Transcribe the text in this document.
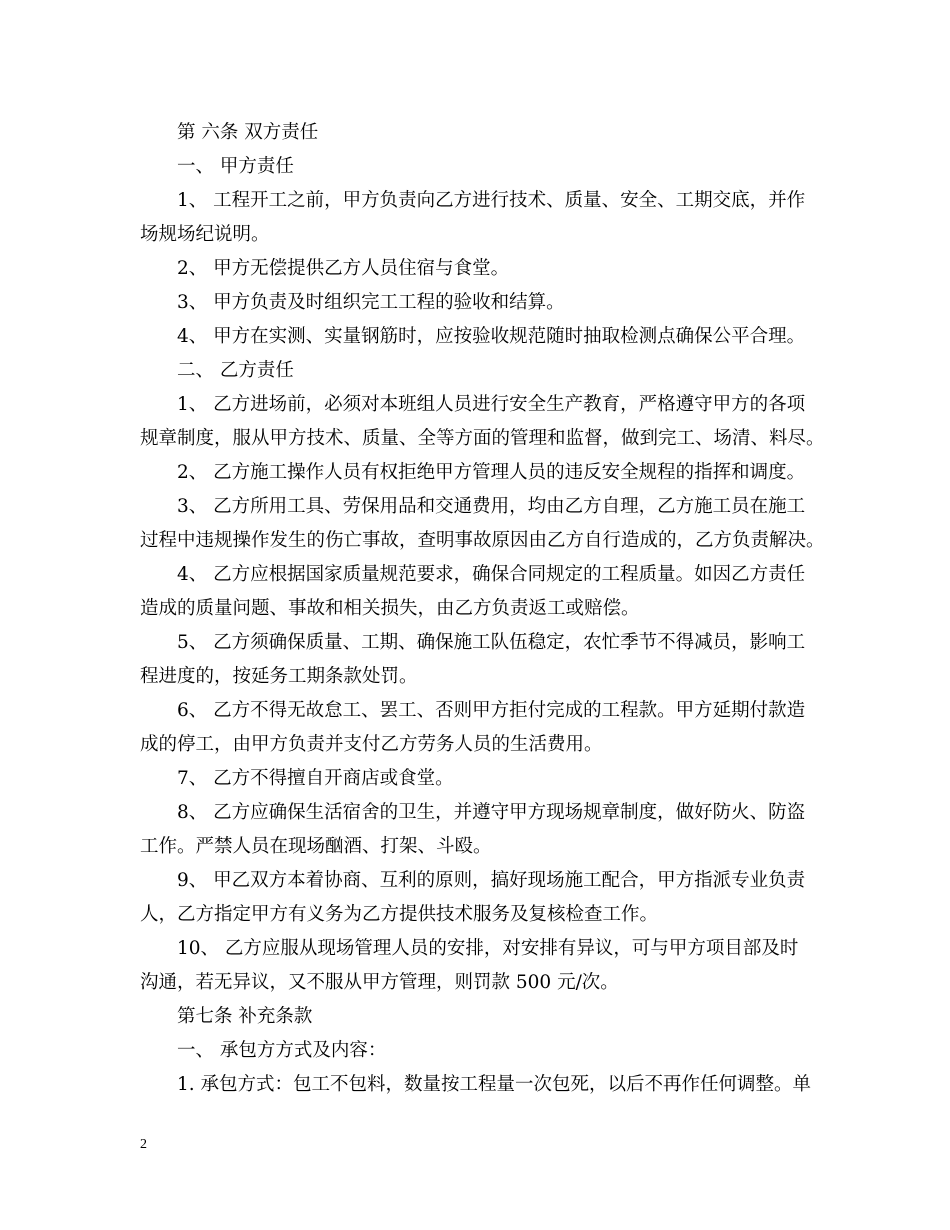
第 六条 双方责任
一、 甲方责任
1、 工程开工之前，甲方负责向乙方进行技术、质量、安全、工期交底，并作
场规场纪说明。
2、 甲方无偿提供乙方人员住宿与食堂。
3、 甲方负责及时组织完工工程的验收和结算。
4、 甲方在实测、实量钢筋时，应按验收规范随时抽取检测点确保公平合理。
二、 乙方责任
1、 乙方进场前，必须对本班组人员进行安全生产教育，严格遵守甲方的各项
规章制度，服从甲方技术、质量、全等方面的管理和监督，做到完工、场清、料尽。
2、 乙方施工操作人员有权拒绝甲方管理人员的违反安全规程的指挥和调度。
3、 乙方所用工具、劳保用品和交通费用，均由乙方自理，乙方施工员在施工
过程中违规操作发生的伤亡事故，查明事故原因由乙方自行造成的，乙方负责解决。
4、 乙方应根据国家质量规范要求，确保合同规定的工程质量。如因乙方责任
造成的质量问题、事故和相关损失，由乙方负责返工或赔偿。
5、 乙方须确保质量、工期、确保施工队伍稳定，农忙季节不得减员，影响工
程进度的，按延务工期条款处罚。
6、 乙方不得无故怠工、罢工、否则甲方拒付完成的工程款。甲方延期付款造
成的停工，由甲方负责并支付乙方劳务人员的生活费用。
7、 乙方不得擅自开商店或食堂。
8、 乙方应确保生活宿舍的卫生，并遵守甲方现场规章制度，做好防火、防盗
工作。严禁人员在现场酗酒、打架、斗殴。
9、 甲乙双方本着协商、互利的原则，搞好现场施工配合，甲方指派专业负责
人，乙方指定甲方有义务为乙方提供技术服务及复核检查工作。
10、 乙方应服从现场管理人员的安排，对安排有异议，可与甲方项目部及时
沟通，若无异议，又不服从甲方管理，则罚款 500 元/次。
第七条 补充条款
一、 承包方方式及内容：
1. 承包方式：包工不包料，数量按工程量一次包死，以后不再作任何调整。单
2
